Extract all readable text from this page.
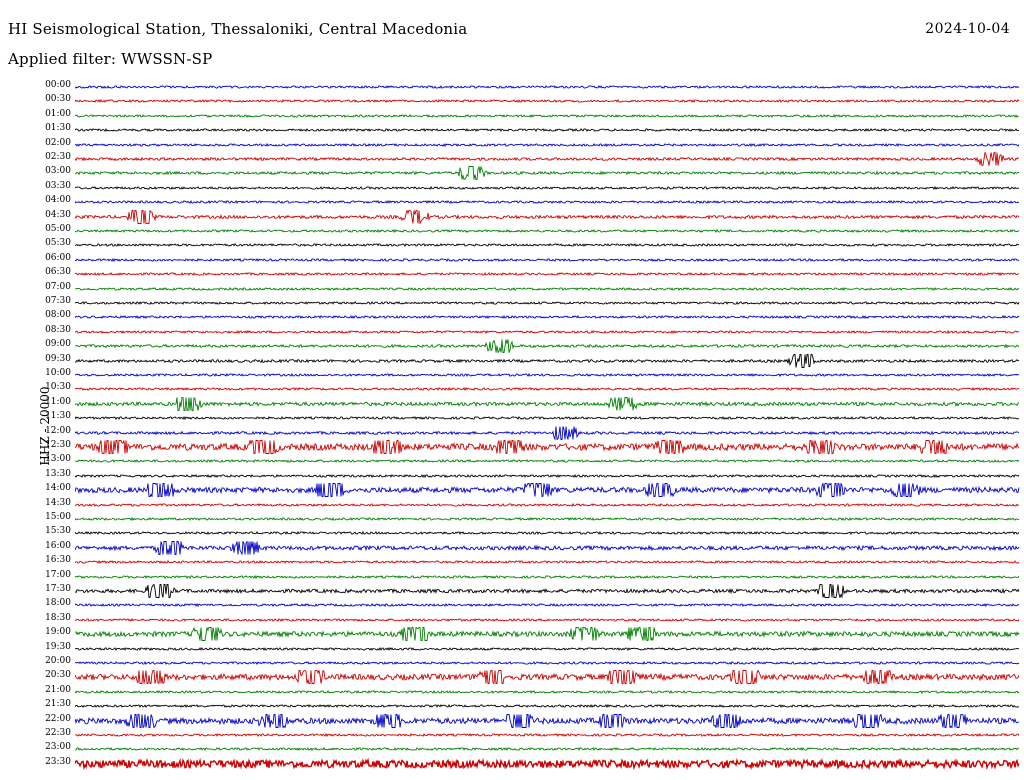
HI Seismological Station, Thessaloniki, Central Macedonia	2024-10-04
Applied filter: WWSSN-SP
HHZ - 20000
00:00
00:30
01:00
01:30
02:00
02:30
03:00
03:30
04:00
04:30
05:00
05:30
06:00
06:30
07:00
07:30
08:00
08:30
09:00
09:30
10:00
10:30
11:00
11:30
12:00
12:30
13:00
13:30
14:00
14:30
15:00
15:30
16:00
16:30
17:00
17:30
18:00
18:30
19:00
19:30
20:00
20:30
21:00
21:30
22:00
22:30
23:00
23:30
